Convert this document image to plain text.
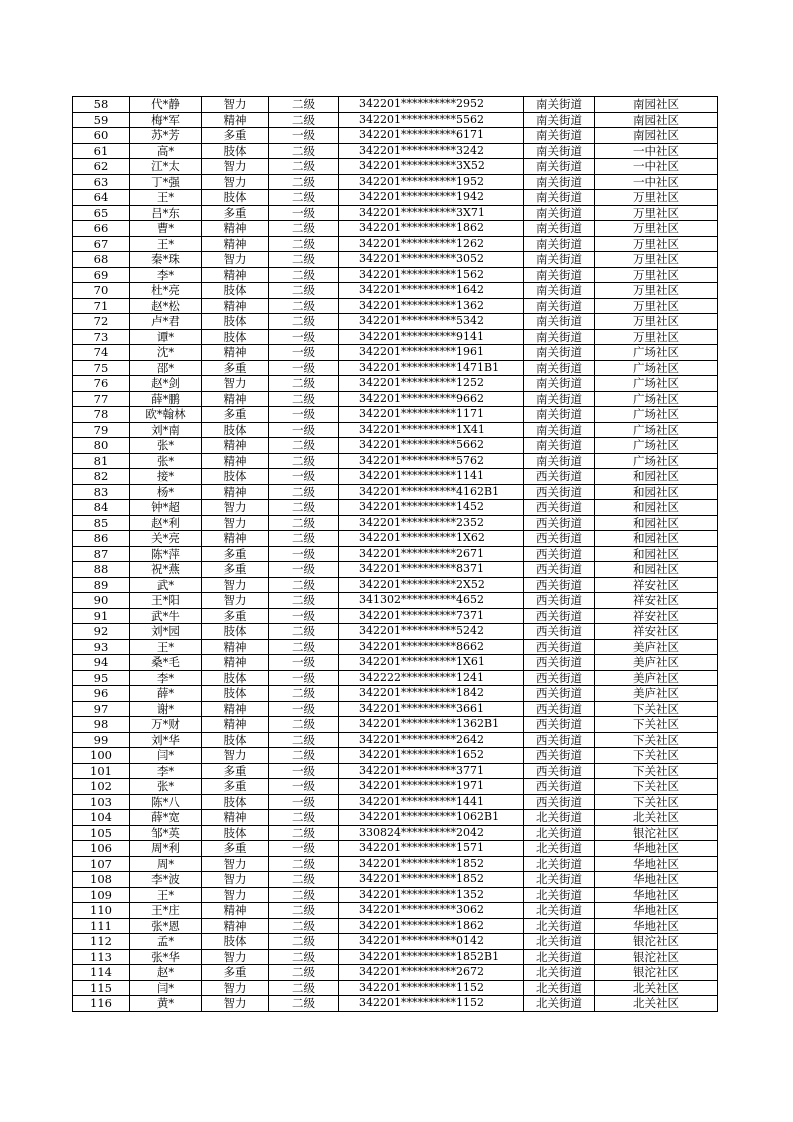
58	代*静	智力	二级	342201**********2952	南关街道	南园社区
59	梅*军	精神	二级	342201**********5562	南关街道	南园社区
60	苏*芳	多重	一级	342201**********6171	南关街道	南园社区
61	高*	肢体	二级	342201**********3242	南关街道	一中社区
62	江*太	智力	二级	342201**********3X52	南关街道	一中社区
63	丁*强	智力	二级	342201**********1952	南关街道	一中社区
64	王*	肢体	二级	342201**********1942	南关街道	万里社区
65	吕*东	多重	一级	342201**********3X71	南关街道	万里社区
66	曹*	精神	二级	342201**********1862	南关街道	万里社区
67	王*	精神	二级	342201**********1262	南关街道	万里社区
68	秦*珠	智力	二级	342201**********3052	南关街道	万里社区
69	李*	精神	二级	342201**********1562	南关街道	万里社区
70	杜*亮	肢体	二级	342201**********1642	南关街道	万里社区
71	赵*松	精神	二级	342201**********1362	南关街道	万里社区
72	卢*君	肢体	二级	342201**********5342	南关街道	万里社区
73	谭*	肢体	一级	342201**********9141	南关街道	万里社区
74	沈*	精神	一级	342201**********1961	南关街道	广场社区
75	邵*	多重	一级	342201**********1471B1	南关街道	广场社区
76	赵*剑	智力	二级	342201**********1252	南关街道	广场社区
77	薛*鹏	精神	二级	342201**********9662	南关街道	广场社区
78	欧*翰林	多重	一级	342201**********1171	南关街道	广场社区
79	刘*南	肢体	一级	342201**********1X41	南关街道	广场社区
80	张*	精神	二级	342201**********5662	南关街道	广场社区
81	张*	精神	二级	342201**********5762	南关街道	广场社区
82	接*	肢体	一级	342201**********1141	西关街道	和园社区
83	杨*	精神	二级	342201**********4162B1	西关街道	和园社区
84	钟*超	智力	二级	342201**********1452	西关街道	和园社区
85	赵*利	智力	二级	342201**********2352	西关街道	和园社区
86	关*亮	精神	二级	342201**********1X62	西关街道	和园社区
87	陈*萍	多重	一级	342201**********2671	西关街道	和园社区
88	祝*燕	多重	一级	342201**********8371	西关街道	和园社区
89	武*	智力	二级	342201**********2X52	西关街道	祥安社区
90	王*阳	智力	二级	341302**********4652	西关街道	祥安社区
91	武*牛	多重	一级	342201**********7371	西关街道	祥安社区
92	刘*园	肢体	二级	342201**********5242	西关街道	祥安社区
93	王*	精神	二级	342201**********8662	西关街道	美庐社区
94	桑*毛	精神	一级	342201**********1X61	西关街道	美庐社区
95	李*	肢体	一级	342222**********1241	西关街道	美庐社区
96	薛*	肢体	二级	342201**********1842	西关街道	美庐社区
97	谢*	精神	一级	342201**********3661	西关街道	下关社区
98	万*财	精神	二级	342201**********1362B1	西关街道	下关社区
99	刘*华	肢体	二级	342201**********2642	西关街道	下关社区
100	闫*	智力	二级	342201**********1652	西关街道	下关社区
101	李*	多重	一级	342201**********3771	西关街道	下关社区
102	张*	多重	一级	342201**********1971	西关街道	下关社区
103	陈*八	肢体	一级	342201**********1441	西关街道	下关社区
104	薛*宽	精神	二级	342201**********1062B1	北关街道	北关社区
105	邹*英	肢体	二级	330824**********2042	北关街道	银沱社区
106	周*利	多重	一级	342201**********1571	北关街道	华地社区
107	周*	智力	二级	342201**********1852	北关街道	华地社区
108	李*波	智力	二级	342201**********1852	北关街道	华地社区
109	王*	智力	二级	342201**********1352	北关街道	华地社区
110	王*庄	精神	二级	342201**********3062	北关街道	华地社区
111	张*恩	精神	二级	342201**********1862	北关街道	华地社区
112	孟*	肢体	二级	342201**********0142	北关街道	银沱社区
113	张*华	智力	二级	342201**********1852B1	北关街道	银沱社区
114	赵*	多重	二级	342201**********2672	北关街道	银沱社区
115	闫*	智力	二级	342201**********1152	北关街道	北关社区
116	黄*	智力	二级	342201**********1152	北关街道	北关社区
